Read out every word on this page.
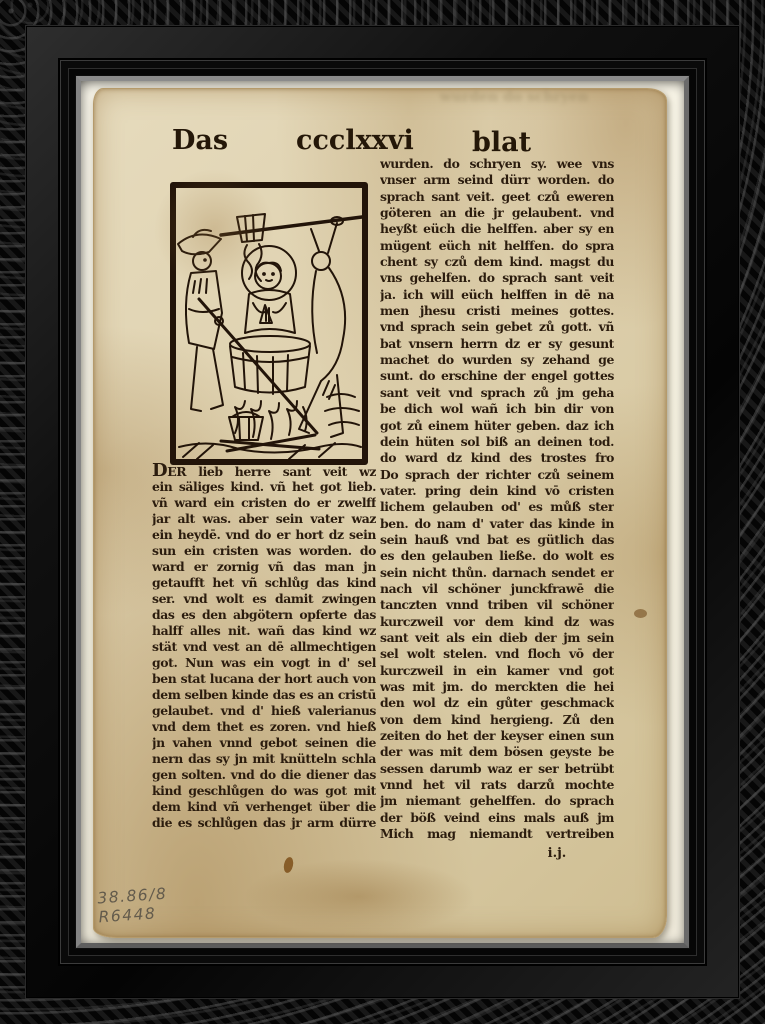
wurden do schryen
Das	ccclxxvi blat
DER lieb herre sant veit wz
ein säliges kind. vñ het got lieb.
vñ ward ein cristen do er zwelff
jar alt was. aber sein vater waz
ein heydē. vnd do er hort dz sein
sun ein cristen was worden. do
ward er zornig vñ das man jn
getaufft het vñ schlůg das kind
ser. vnd wolt es damit zwingen
das es den abgötern opferte das
halff alles nit. wañ das kind wz
stät vnd vest an dē allmechtigen
got. Nun was ein vogt in d' sel
ben stat lucana der hort auch von
dem selben kinde das es an cristū
gelaubet. vnd d' hieß valerianus
vnd dem thet es zoren. vnd hieß
jn vahen vnnd gebot seinen die
nern das sy jn mit knütteln schla
gen solten. vnd do die diener das
kind geschlůgen do was got mit
dem kind vñ verhenget über die
die es schlůgen das jr arm dürre
wurden. do schryen sy. wee vns
vnser arm seind dürr worden. do
sprach sant veit. geet czů eweren
göteren an die jr gelaubent. vnd
heyßt eüch die helffen. aber sy en
mügent eüch nit helffen. do spra
chent sy czů dem kind. magst du
vns gehelfen. do sprach sant veit
ja. ich will eüch helffen in dē na
men jhesu cristi meines gottes.
vnd sprach sein gebet zů gott. vñ
bat vnsern herrn dz er sy gesunt
machet do wurden sy zehand ge
sunt. do erschine der engel gottes
sant veit vnd sprach zů jm geha
be dich wol wañ ich bin dir von
got zů einem hüter geben. daz ich
dein hüten sol biß an deinen tod.
do ward dz kind des trostes fro
Do sprach der richter czů seinem
vater. pring dein kind vō cristen
lichem gelauben od' es můß ster
ben. do nam d' vater das kinde in
sein hauß vnd bat es gütlich das
es den gelauben ließe. do wolt es
sein nicht thůn. darnach sendet er
nach vil schöner junckfrawē die
tanczten vnnd triben vil schöner
kurczweil vor dem kind dz was
sant veit als ein dieb der jm sein
sel wolt stelen. vnd floch vō der
kurczweil in ein kamer vnd got
was mit jm. do merckten die hei
den wol dz ein gůter geschmack
von dem kind hergieng. Zů den
zeiten do het der keyser einen sun
der was mit dem bösen geyste be
sessen darumb waz er ser betrübt
vnnd het vil rats darzů mochte
jm niemant gehelffen. do sprach
der böß veind eins mals auß jm
Mich mag niemandt vertreiben
i.j.
38.86/8
R6448
